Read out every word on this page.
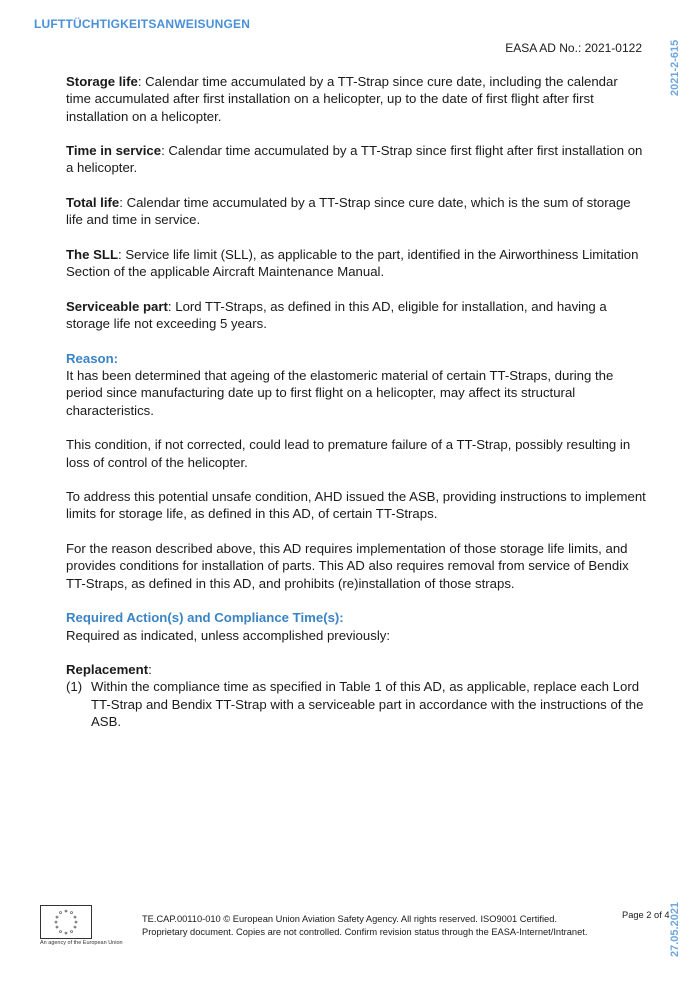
LUFTTÜCHTIGKEITSANWEISUNGEN
EASA AD No.: 2021-0122 2021-2-615
27.05.2021

Storage life: Calendar time accumulated by a TT-Strap since cure date, including the calendar time accumulated after first installation on a helicopter, up to the date of first flight after first installation on a helicopter.

Time in service: Calendar time accumulated by a TT-Strap since first flight after first installation on a helicopter.

Total life: Calendar time accumulated by a TT-Strap since cure date, which is the sum of storage life and time in service.

The SLL: Service life limit (SLL), as applicable to the part, identified in the Airworthiness Limitation Section of the applicable Aircraft Maintenance Manual.

Serviceable part: Lord TT-Straps, as defined in this AD, eligible for installation, and having a storage life not exceeding 5 years.

Reason:

It has been determined that ageing of the elastomeric material of certain TT-Straps, during the period since manufacturing date up to first flight on a helicopter, may affect its structural characteristics.

This condition, if not corrected, could lead to premature failure of a TT-Strap, possibly resulting in loss of control of the helicopter.

To address this potential unsafe condition, AHD issued the ASB, providing instructions to implement limits for storage life, as defined in this AD, of certain TT-Straps.

For the reason described above, this AD requires implementation of those storage life limits, and provides conditions for installation of parts. This AD also requires removal from service of Bendix TT-Straps, as defined in this AD, and prohibits (re)installation of those straps.

Required Action(s) and Compliance Time(s):

Required as indicated, unless accomplished previously:

Replacement:
(1) Within the compliance time as specified in Table 1 of this AD, as applicable, replace each Lord TT-Strap and Bendix TT-Strap with a serviceable part in accordance with the instructions of the ASB.
An agency of the European Union
TE.CAP.00110-010 © European Union Aviation Safety Agency. All rights reserved. ISO9001 Certified.
Proprietary document. Copies are not controlled. Confirm revision status through the EASA-Internet/Intranet.
Page 2 of 4
